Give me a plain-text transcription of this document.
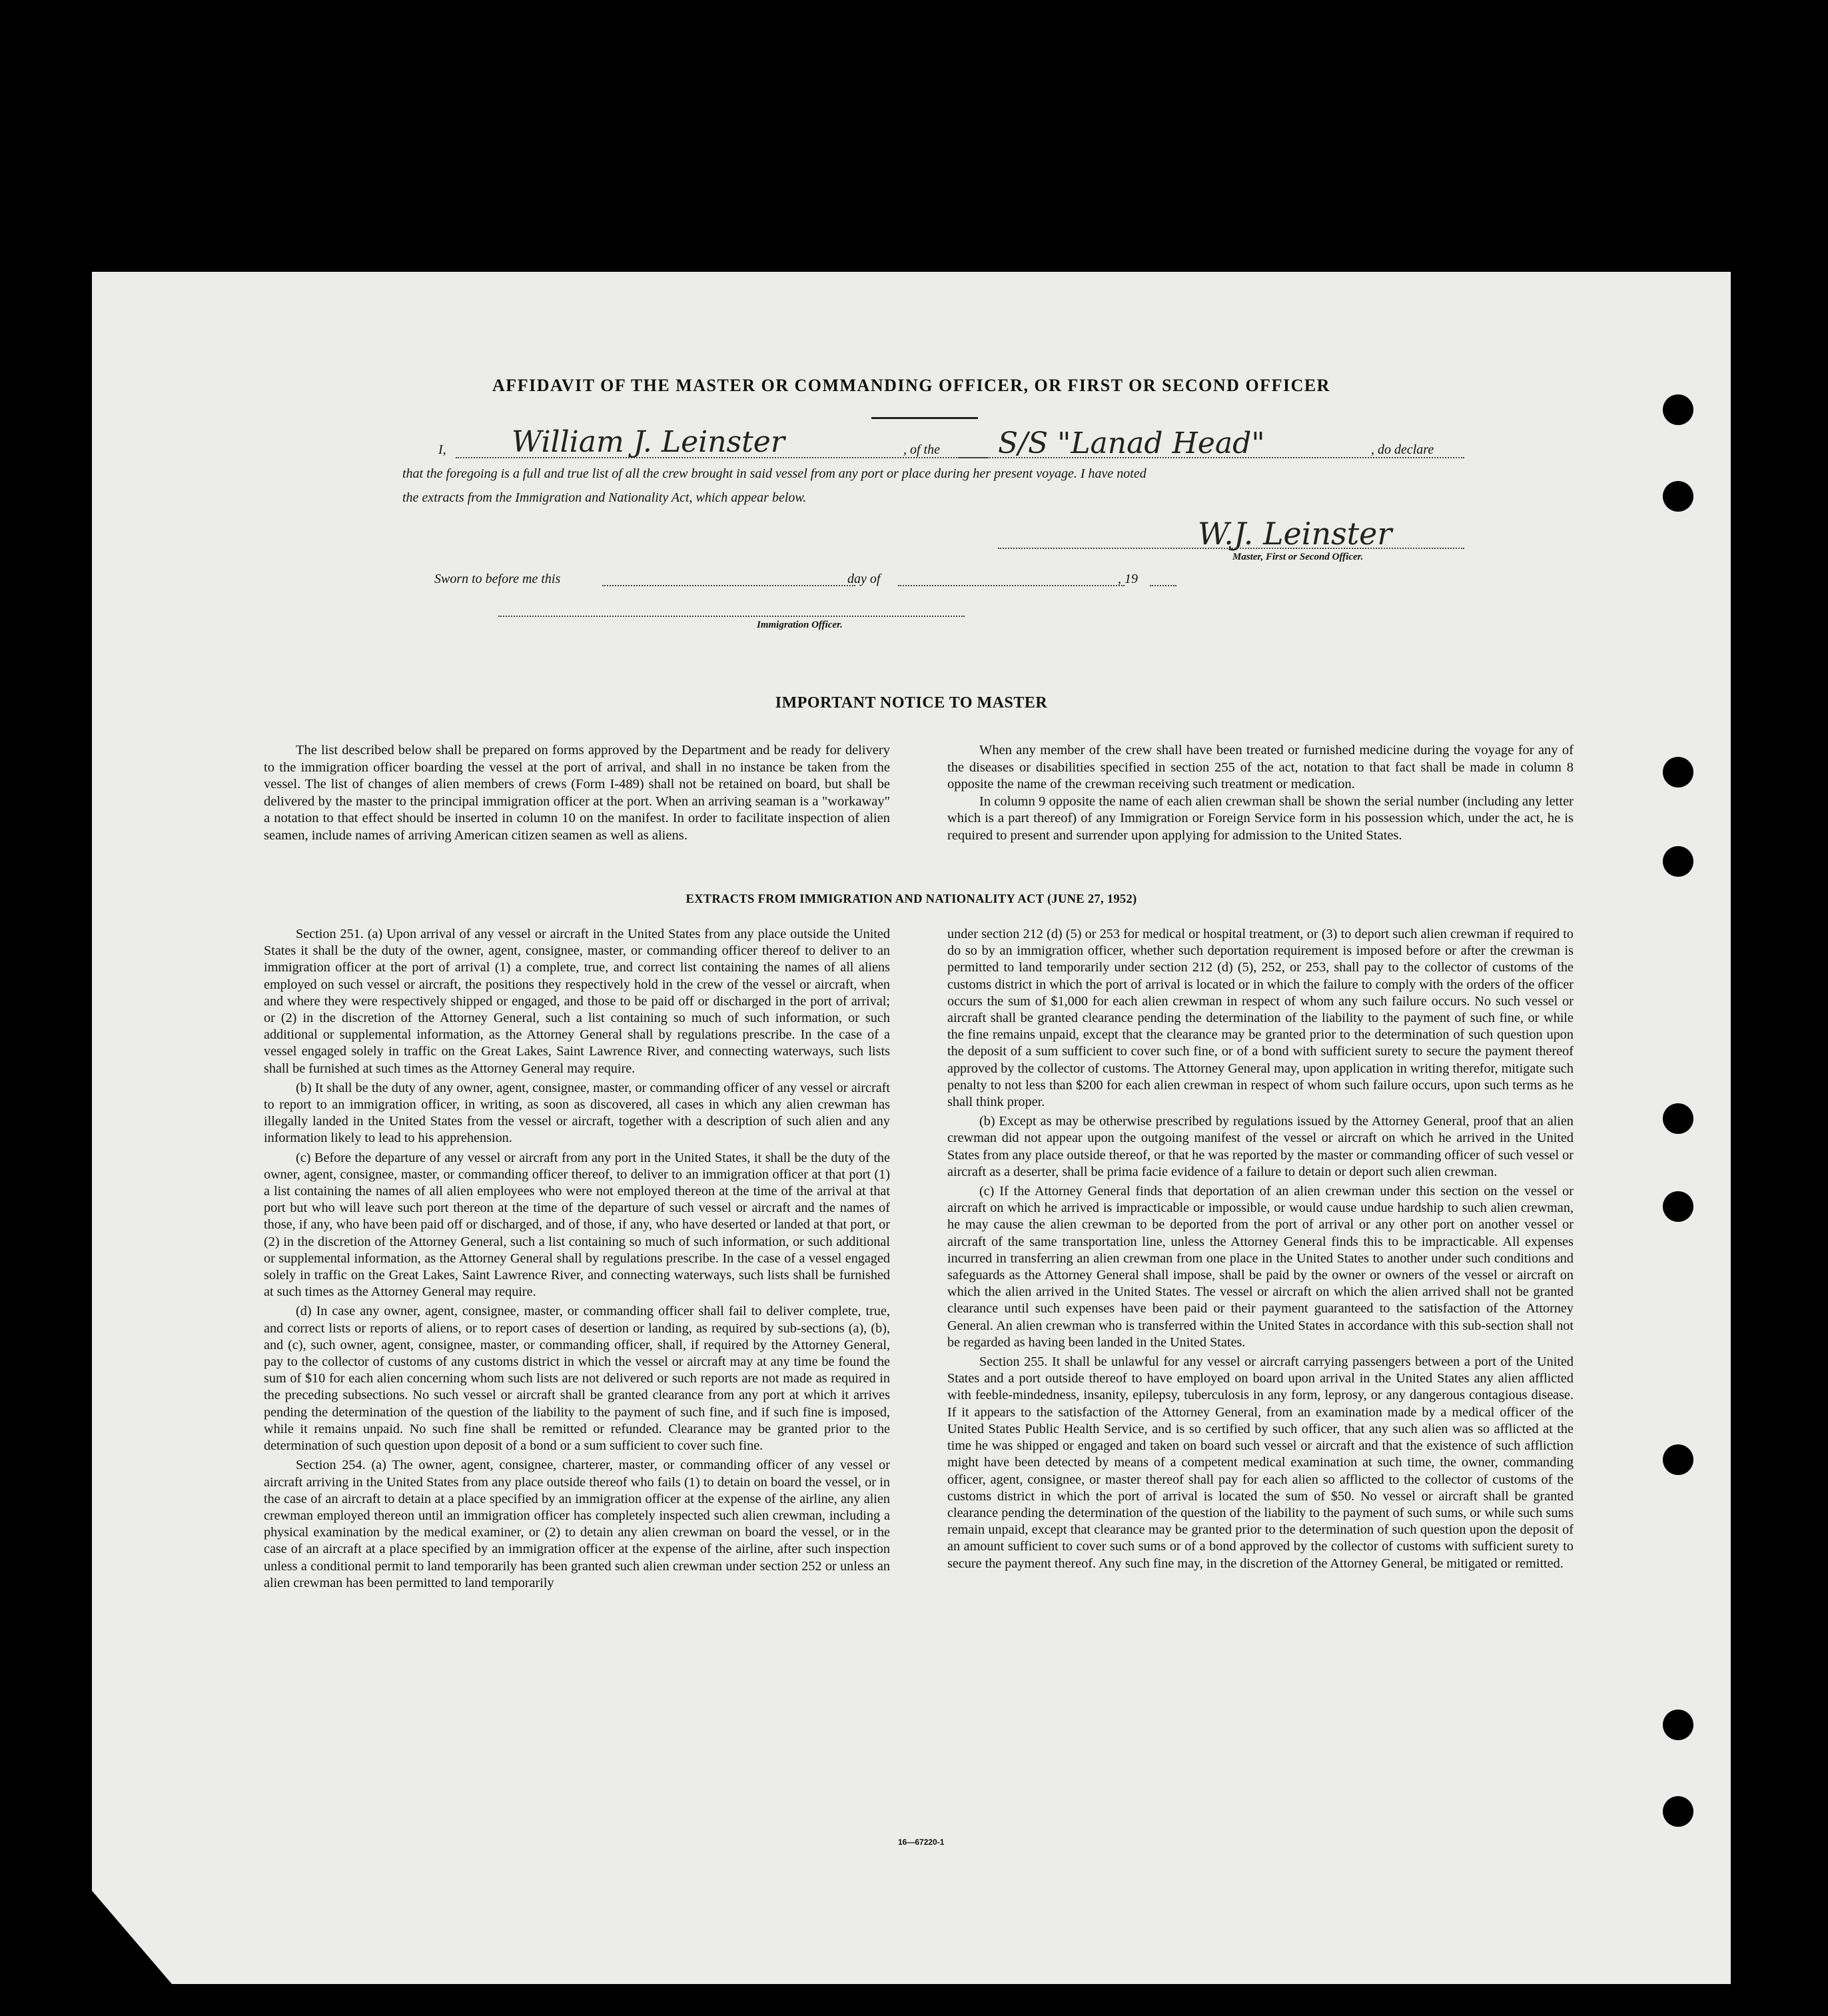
AFFIDAVIT OF THE MASTER OR COMMANDING OFFICER, OR FIRST OR SECOND OFFICER
I, William J. Leinster	, of the S/S "Lanad Head"	, do declare
that the foregoing is a full and true list of all the crew brought in said vessel from any port or place during her present voyage. I have noted
the extracts from the Immigration and Nationality Act, which appear below.
W.J. Leinster
Master, First or Second Officer.
Sworn to before me this	day of	, 19
Immigration Officer.
IMPORTANT NOTICE TO MASTER

The list described below shall be prepared on forms approved by the Department and be ready for delivery to the immigration officer boarding the vessel at the port of arrival, and shall in no instance be taken from the vessel. The list of changes of alien members of crews (Form I-489) shall not be retained on board, but shall be delivered by the master to the principal immigration officer at the port. When an arriving seaman is a "workaway" a notation to that effect should be inserted in column 10 on the manifest. In order to facilitate inspection of alien seamen, include names of arriving American citizen seamen as well as aliens.

When any member of the crew shall have been treated or furnished medicine during the voyage for any of the diseases or disabilities specified in section 255 of the act, notation to that fact shall be made in column 8 opposite the name of the crewman receiving such treatment or medication.

In column 9 opposite the name of each alien crewman shall be shown the serial number (including any letter which is a part thereof) of any Immigration or Foreign Service form in his possession which, under the act, he is required to present and surrender upon applying for admission to the United States.

EXTRACTS FROM IMMIGRATION AND NATIONALITY ACT (JUNE 27, 1952)

Section 251. (a) Upon arrival of any vessel or aircraft in the United States from any place outside the United States it shall be the duty of the owner, agent, consignee, master, or commanding officer thereof to deliver to an immigration officer at the port of arrival (1) a complete, true, and correct list containing the names of all aliens employed on such vessel or aircraft, the positions they respectively hold in the crew of the vessel or aircraft, when and where they were respectively shipped or engaged, and those to be paid off or discharged in the port of arrival; or (2) in the discretion of the Attorney General, such a list containing so much of such information, or such additional or supplemental information, as the Attorney General shall by regulations prescribe. In the case of a vessel engaged solely in traffic on the Great Lakes, Saint Lawrence River, and connecting waterways, such lists shall be furnished at such times as the Attorney General may require.

(b) It shall be the duty of any owner, agent, consignee, master, or commanding officer of any vessel or aircraft to report to an immigration officer, in writing, as soon as discovered, all cases in which any alien crewman has illegally landed in the United States from the vessel or aircraft, together with a description of such alien and any information likely to lead to his apprehension.

(c) Before the departure of any vessel or aircraft from any port in the United States, it shall be the duty of the owner, agent, consignee, master, or commanding officer thereof, to deliver to an immigration officer at that port (1) a list containing the names of all alien employees who were not employed thereon at the time of the arrival at that port but who will leave such port thereon at the time of the departure of such vessel or aircraft and the names of those, if any, who have been paid off or discharged, and of those, if any, who have deserted or landed at that port, or (2) in the discretion of the Attorney General, such a list containing so much of such information, or such additional or supplemental information, as the Attorney General shall by regulations prescribe. In the case of a vessel engaged solely in traffic on the Great Lakes, Saint Lawrence River, and connecting waterways, such lists shall be furnished at such times as the Attorney General may require.

(d) In case any owner, agent, consignee, master, or commanding officer shall fail to deliver complete, true, and correct lists or reports of aliens, or to report cases of desertion or landing, as required by sub-sections (a), (b), and (c), such owner, agent, consignee, master, or commanding officer, shall, if required by the Attorney General, pay to the collector of customs of any customs district in which the vessel or aircraft may at any time be found the sum of $10 for each alien concerning whom such lists are not delivered or such reports are not made as required in the preceding subsections. No such vessel or aircraft shall be granted clearance from any port at which it arrives pending the determination of the question of the liability to the payment of such fine, and if such fine is imposed, while it remains unpaid. No such fine shall be remitted or refunded. Clearance may be granted prior to the determination of such question upon deposit of a bond or a sum sufficient to cover such fine.

Section 254. (a) The owner, agent, consignee, charterer, master, or commanding officer of any vessel or aircraft arriving in the United States from any place outside thereof who fails (1) to detain on board the vessel, or in the case of an aircraft to detain at a place specified by an immigration officer at the expense of the airline, any alien crewman employed thereon until an immigration officer has completely inspected such alien crewman, including a physical examination by the medical examiner, or (2) to detain any alien crewman on board the vessel, or in the case of an aircraft at a place specified by an immigration officer at the expense of the airline, after such inspection unless a conditional permit to land temporarily has been granted such alien crewman under section 252 or unless an alien crewman has been permitted to land temporarily

under section 212 (d) (5) or 253 for medical or hospital treatment, or (3) to deport such alien crewman if required to do so by an immigration officer, whether such deportation requirement is imposed before or after the crewman is permitted to land temporarily under section 212 (d) (5), 252, or 253, shall pay to the collector of customs of the customs district in which the port of arrival is located or in which the failure to comply with the orders of the officer occurs the sum of $1,000 for each alien crewman in respect of whom any such failure occurs. No such vessel or aircraft shall be granted clearance pending the determination of the liability to the payment of such fine, or while the fine remains unpaid, except that the clearance may be granted prior to the determination of such question upon the deposit of a sum sufficient to cover such fine, or of a bond with sufficient surety to secure the payment thereof approved by the collector of customs. The Attorney General may, upon application in writing therefor, mitigate such penalty to not less than $200 for each alien crewman in respect of whom such failure occurs, upon such terms as he shall think proper.

(b) Except as may be otherwise prescribed by regulations issued by the Attorney General, proof that an alien crewman did not appear upon the outgoing manifest of the vessel or aircraft on which he arrived in the United States from any place outside thereof, or that he was reported by the master or commanding officer of such vessel or aircraft as a deserter, shall be prima facie evidence of a failure to detain or deport such alien crewman.

(c) If the Attorney General finds that deportation of an alien crewman under this section on the vessel or aircraft on which he arrived is impracticable or impossible, or would cause undue hardship to such alien crewman, he may cause the alien crewman to be deported from the port of arrival or any other port on another vessel or aircraft of the same transportation line, unless the Attorney General finds this to be impracticable. All expenses incurred in transferring an alien crewman from one place in the United States to another under such conditions and safeguards as the Attorney General shall impose, shall be paid by the owner or owners of the vessel or aircraft on which the alien arrived in the United States. The vessel or aircraft on which the alien arrived shall not be granted clearance until such expenses have been paid or their payment guaranteed to the satisfaction of the Attorney General. An alien crewman who is transferred within the United States in accordance with this sub-section shall not be regarded as having been landed in the United States.

Section 255. It shall be unlawful for any vessel or aircraft carrying passengers between a port of the United States and a port outside thereof to have employed on board upon arrival in the United States any alien afflicted with feeble-mindedness, insanity, epilepsy, tuberculosis in any form, leprosy, or any dangerous contagious disease. If it appears to the satisfaction of the Attorney General, from an examination made by a medical officer of the United States Public Health Service, and is so certified by such officer, that any such alien was so afflicted at the time he was shipped or engaged and taken on board such vessel or aircraft and that the existence of such affliction might have been detected by means of a competent medical examination at such time, the owner, commanding officer, agent, consignee, or master thereof shall pay for each alien so afflicted to the collector of customs of the customs district in which the port of arrival is located the sum of $50. No vessel or aircraft shall be granted clearance pending the determination of the question of the liability to the payment of such sums, or while such sums remain unpaid, except that clearance may be granted prior to the determination of such question upon the deposit of an amount sufficient to cover such sums or of a bond approved by the collector of customs with sufficient surety to secure the payment thereof. Any such fine may, in the discretion of the Attorney General, be mitigated or remitted.

16—67220-1
